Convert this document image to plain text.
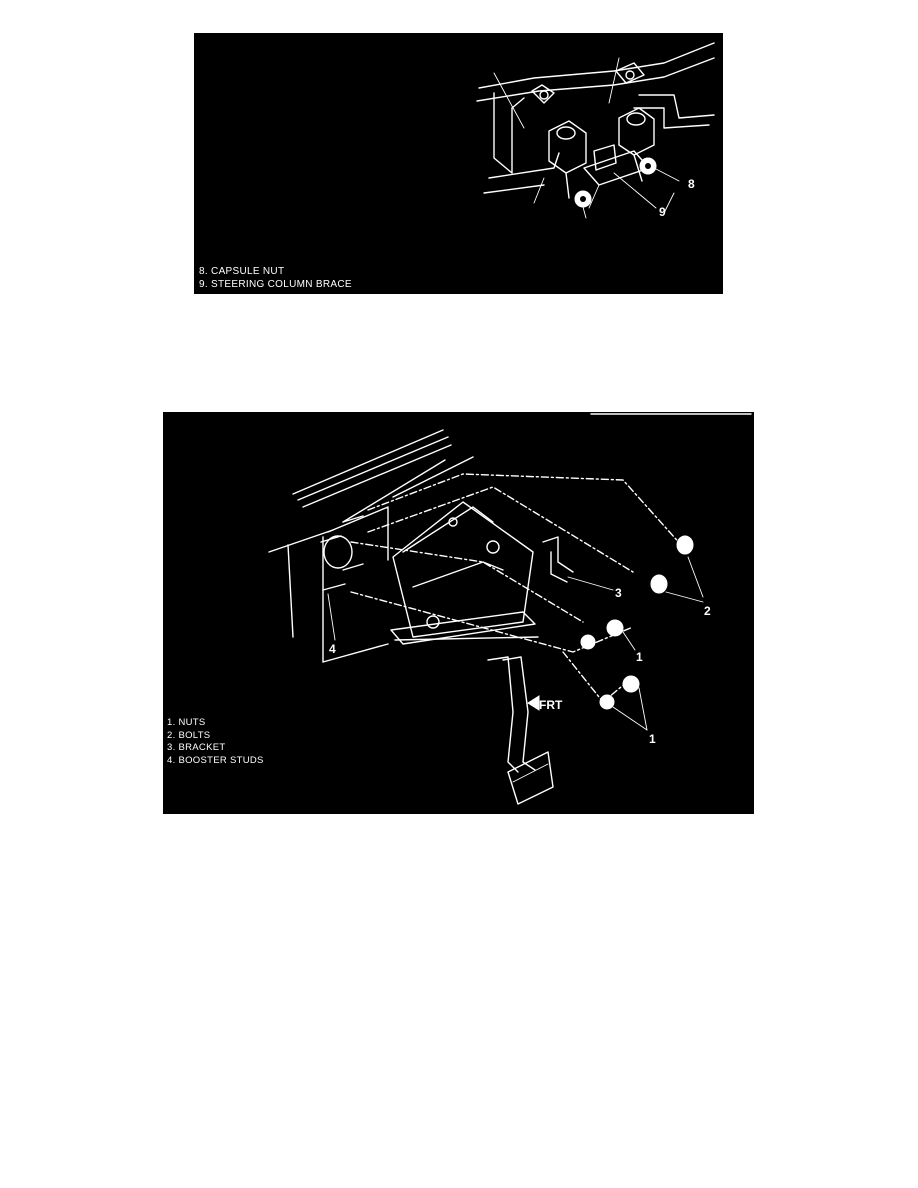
8
9
8. CAPSULE NUT
9. STEERING COLUMN BRACE
FRT
2
3
1
1
4
1. NUTS
2. BOLTS
3. BRACKET
4. BOOSTER STUDS
